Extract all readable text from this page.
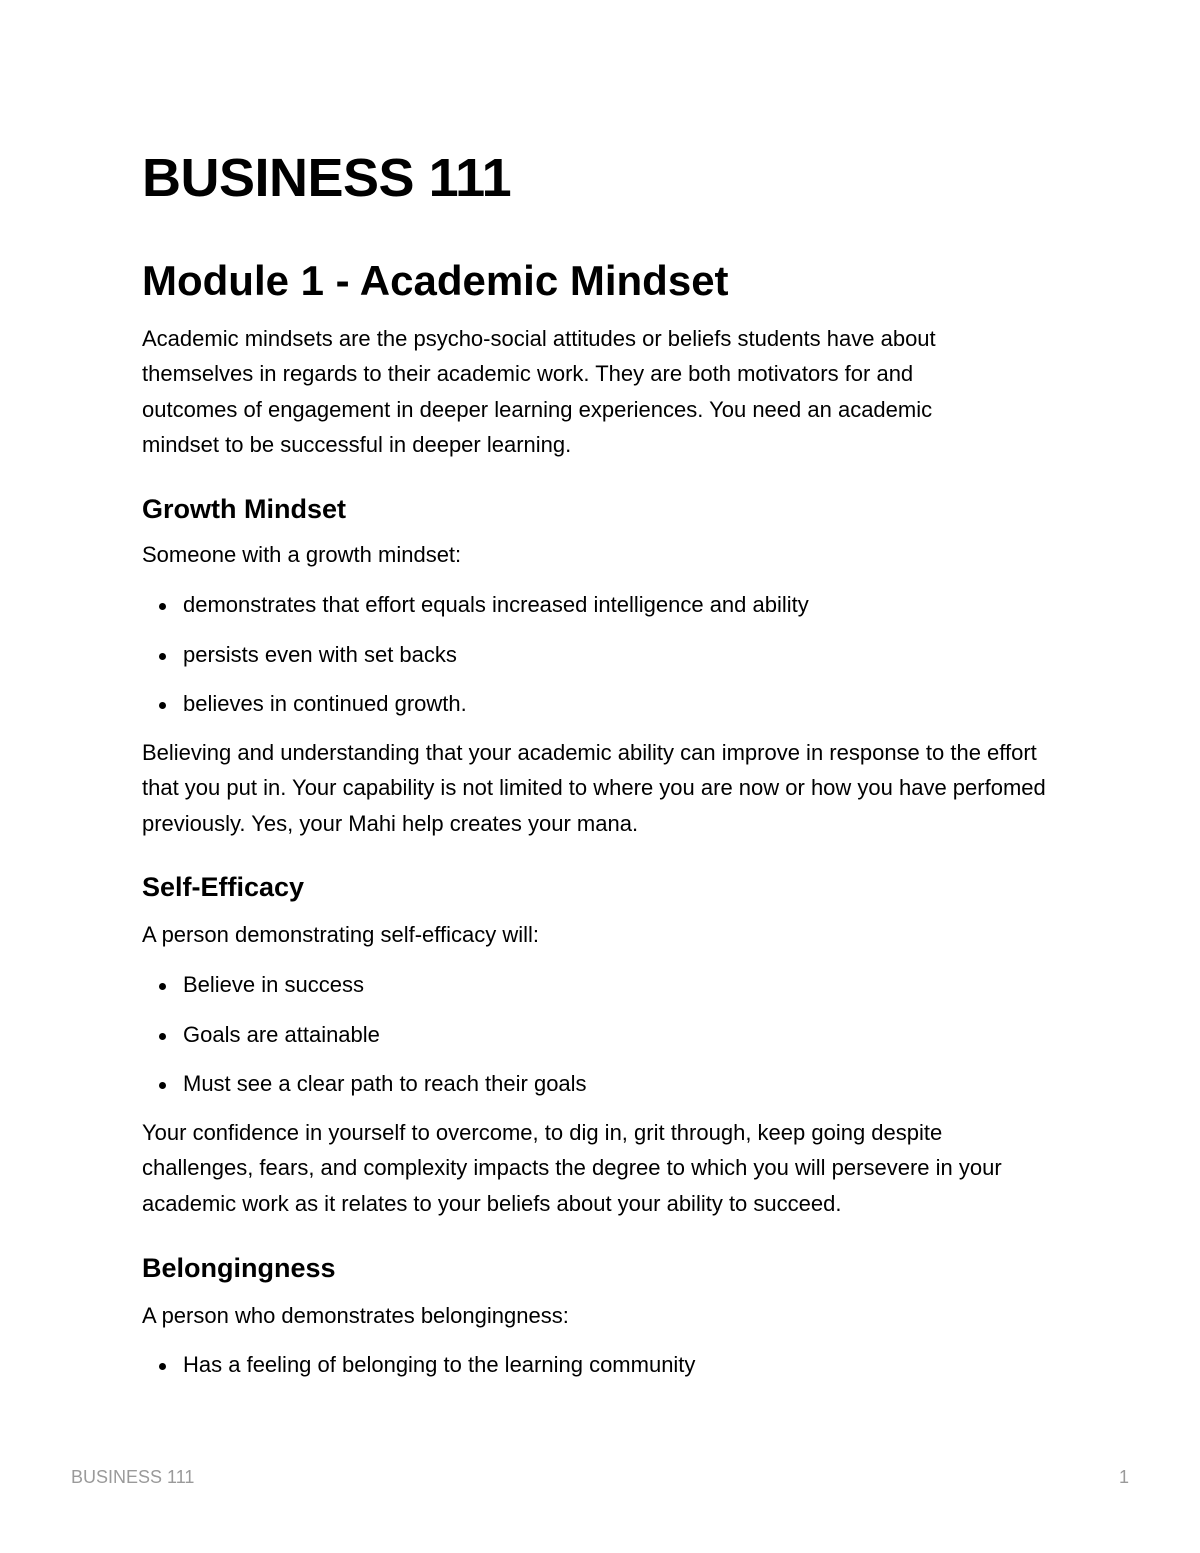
BUSINESS 111
Module 1 - Academic Mindset

Academic mindsets are the psycho-social attitudes or beliefs students have about themselves in regards to their academic work. They are both motivators for and outcomes of engagement in deeper learning experiences. You need an academic mindset to be successful in deeper learning.

Growth Mindset

Someone with a growth mindset:

demonstrates that effort equals increased intelligence and ability
persists even with set backs
believes in continued growth.

Believing and understanding that your academic ability can improve in response to the effort that you put in. Your capability is not limited to where you are now or how you have perfomed previously. Yes, your Mahi help creates your mana.

Self-Efficacy

A person demonstrating self-efficacy will:

Believe in success
Goals are attainable
Must see a clear path to reach their goals

Your confidence in yourself to overcome, to dig in, grit through, keep going despite challenges, fears, and complexity impacts the degree to which you will persevere in your academic work as it relates to your beliefs about your ability to succeed.

Belongingness

A person who demonstrates belongingness:

Has a feeling of belonging to the learning community
BUSINESS 111	1
